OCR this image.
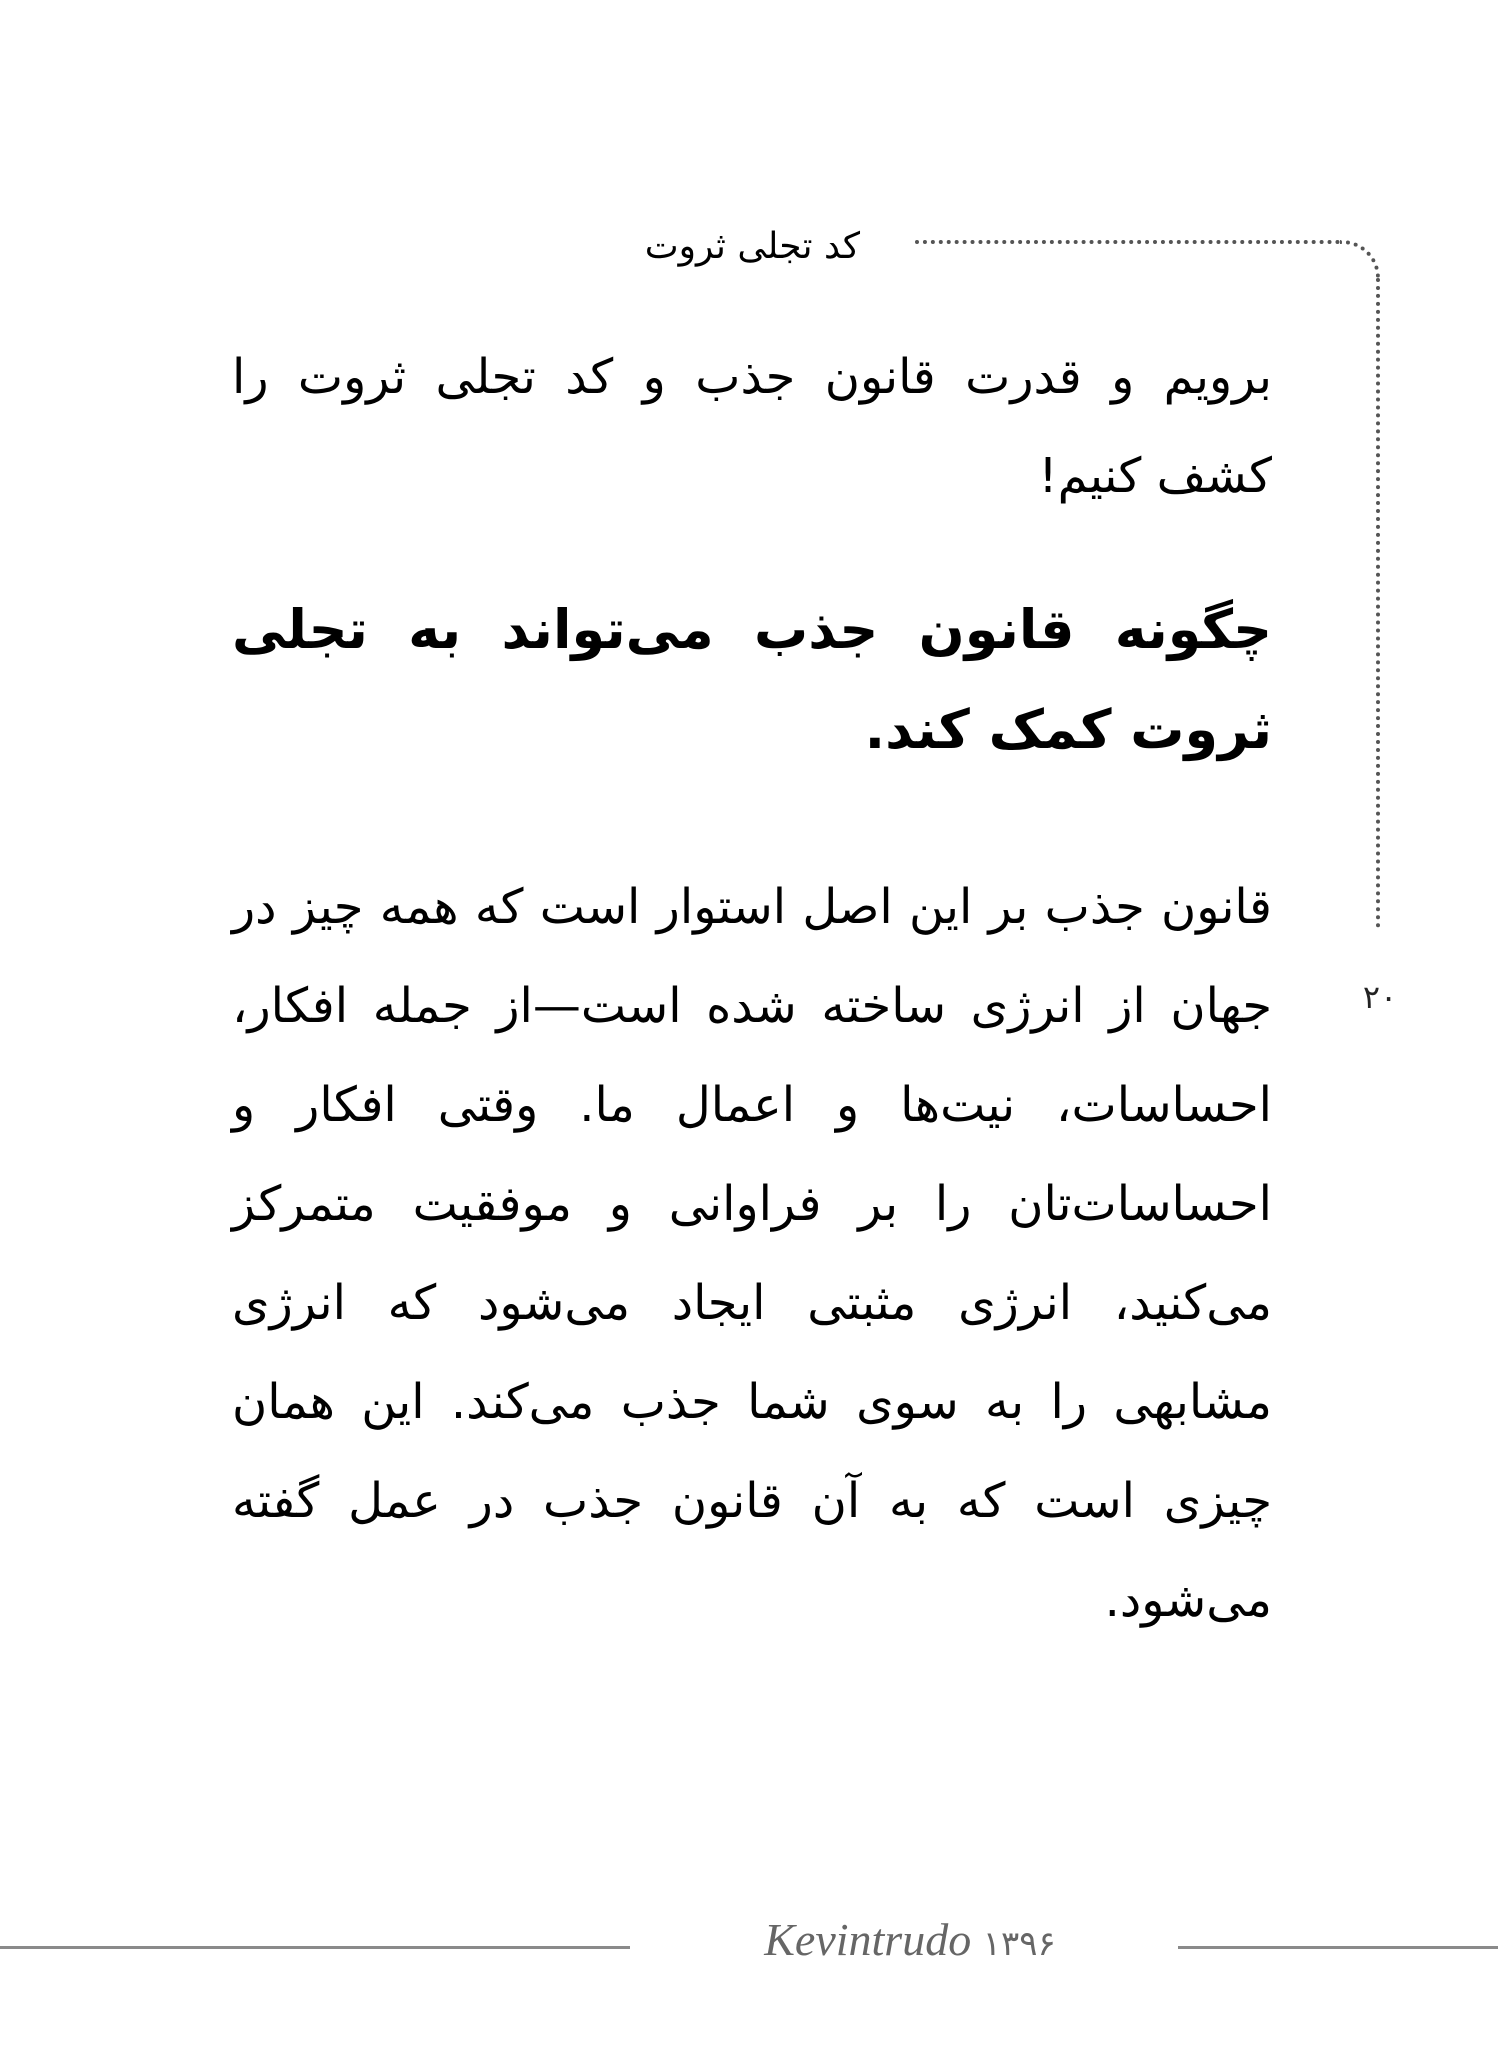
کد تجلی ثروت
۲۰

برویم و قدرت قانون جذب و کد تجلی ثروت را کشف کنیم!

چگونه قانون جذب می‌تواند به تجلی ثروت کمک کند.

قانون جذب بر این اصل استوار است که همه چیز در جهان از انرژی ساخته شده است—از جمله افکار، احساسات، نیت‌ها و اعمال ما. وقتی افکار و احساسات‌تان را بر فراوانی و موفقیت متمرکز می‌کنید، انرژی مثبتی ایجاد می‌شود که انرژی مشابهی را به سوی شما جذب می‌کند. این همان چیزی است که به آن قانون جذب در عمل گفته می‌شود.

Kevintrudo ۱۳۹۶
